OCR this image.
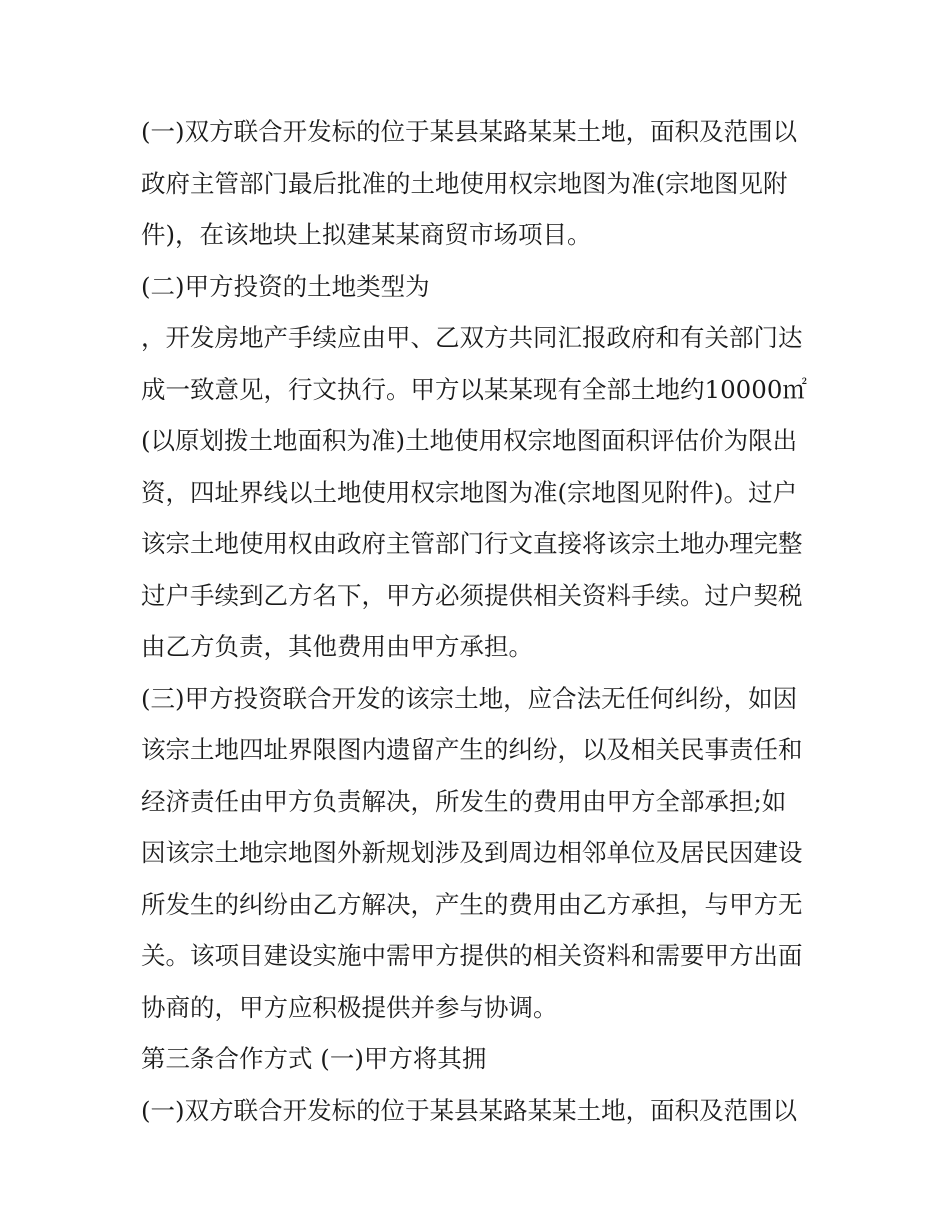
(一)双方联合开发标的位于某县某路某某土地，面积及范围以
政府主管部门最后批准的土地使用权宗地图为准(宗地图见附
件)，在该地块上拟建某某商贸市场项目。
(二)甲方投资的土地类型为
，开发房地产手续应由甲、乙双方共同汇报政府和有关部门达
成一致意见，行文执行。甲方以某某现有全部土地约10000㎡
(以原划拨土地面积为准)土地使用权宗地图面积评估价为限出
资，四址界线以土地使用权宗地图为准(宗地图见附件)。过户
该宗土地使用权由政府主管部门行文直接将该宗土地办理完整
过户手续到乙方名下，甲方必须提供相关资料手续。过户契税
由乙方负责，其他费用由甲方承担。
(三)甲方投资联合开发的该宗土地，应合法无任何纠纷，如因
该宗土地四址界限图内遗留产生的纠纷，以及相关民事责任和
经济责任由甲方负责解决，所发生的费用由甲方全部承担;如
因该宗土地宗地图外新规划涉及到周边相邻单位及居民因建设
所发生的纠纷由乙方解决，产生的费用由乙方承担，与甲方无
关。该项目建设实施中需甲方提供的相关资料和需要甲方出面
协商的，甲方应积极提供并参与协调。
第三条合作方式 (一)甲方将其拥
(一)双方联合开发标的位于某县某路某某土地，面积及范围以
